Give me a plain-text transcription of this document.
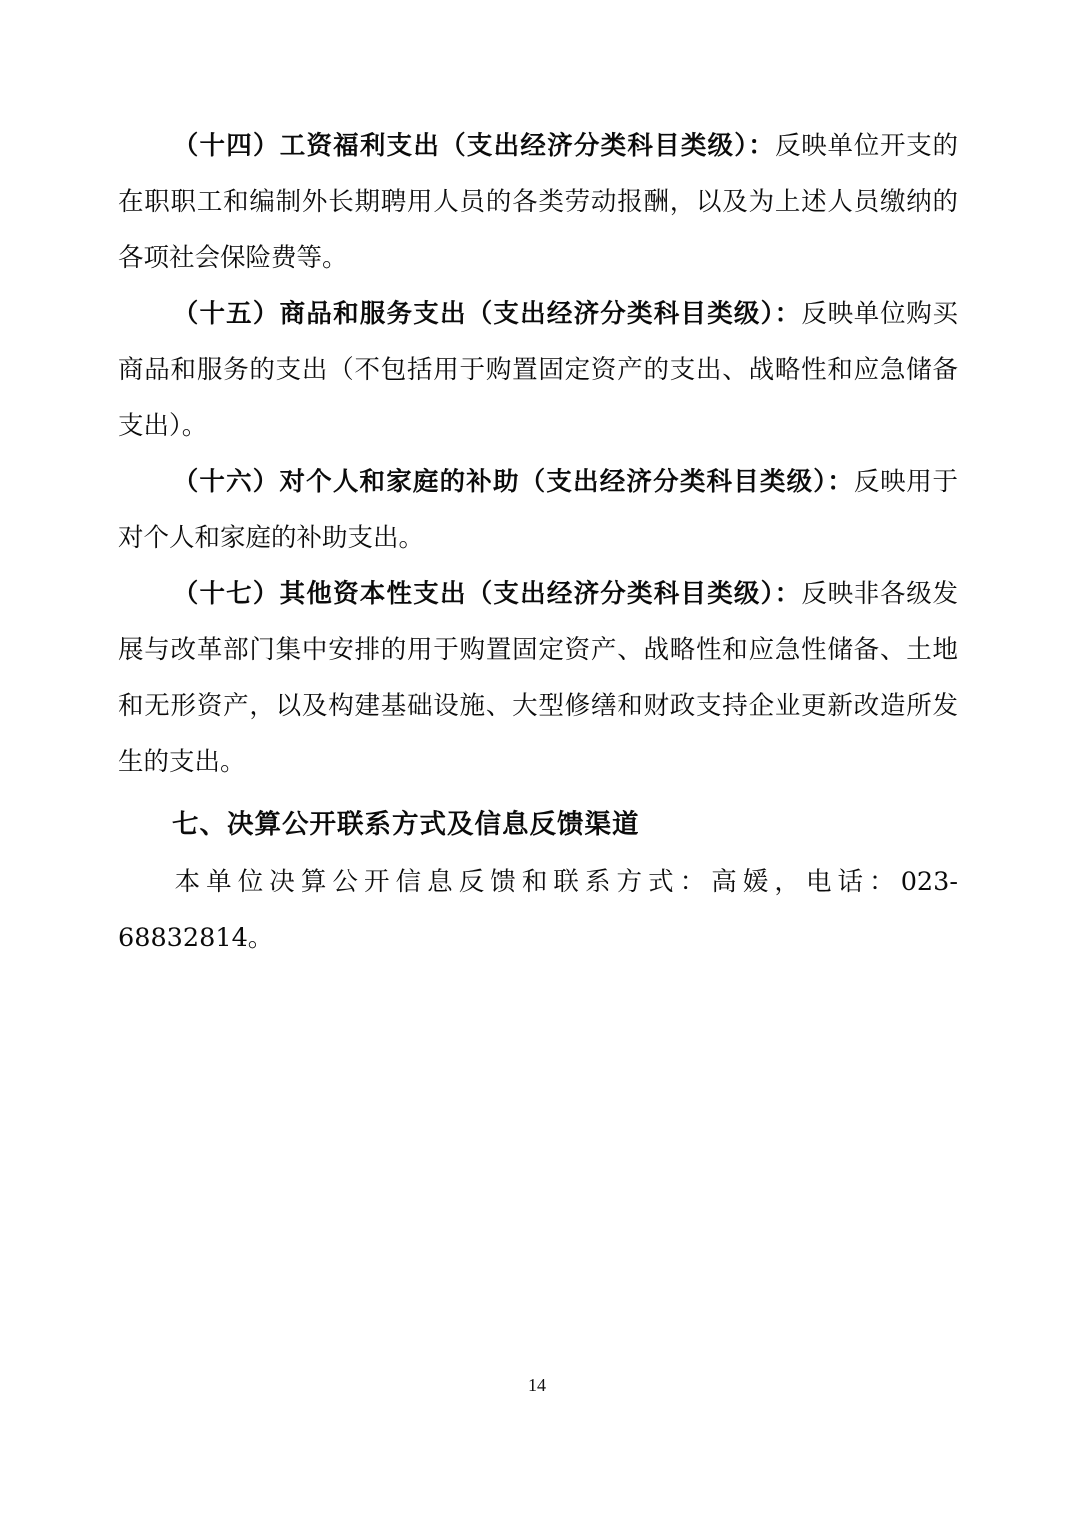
（十四）工资福利支出（支出经济分类科目类级）：反映单位开支的在职职工和编制外长期聘用人员的各类劳动报酬，以及为上述人员缴纳的各项社会保险费等。

（十五）商品和服务支出（支出经济分类科目类级）：反映单位购买商品和服务的支出（不包括用于购置固定资产的支出、战略性和应急储备支出）。

（十六）对个人和家庭的补助（支出经济分类科目类级）：反映用于对个人和家庭的补助支出。

（十七）其他资本性支出（支出经济分类科目类级）：反映非各级发展与改革部门集中安排的用于购置固定资产、战略性和应急性储备、土地和无形资产，以及构建基础设施、大型修缮和财政支持企业更新改造所发生的支出。

七、决算公开联系方式及信息反馈渠道

本单位决算公开信息反馈和联系方式：高媛，电话：023-68832814。

14
